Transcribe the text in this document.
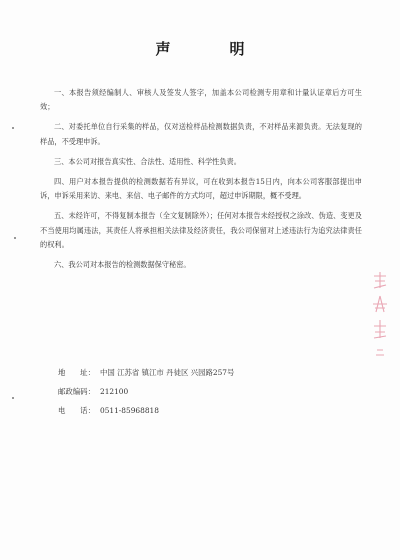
声　明

一、本报告须经编制人、审核人及签发人签字，加盖本公司检测专用章和计量认证章后方可生效；

二、对委托单位自行采集的样品，仅对送检样品检测数据负责，不对样品来源负责。无法复现的样品，不受理申诉。

三、本公司对报告真实性、合法性、适用性、科学性负责。

四、用户对本报告提供的检测数据若有异议，可在收到本报告15日内，向本公司客服部提出申诉，申诉采用来访、来电、来信、电子邮件的方式均可，超过申诉期限，概不受理。

五、未经许可，不得复制本报告（全文复制除外）；任何对本报告未经授权之涂改、伪造、变更及不当使用均属违法，其责任人将承担相关法律及经济责任，我公司保留对上述违法行为追究法律责任的权利。

六、我公司对本报告的检测数据保守秘密。

地　　址： 中国 江苏省 镇江市 丹徒区 兴园路257号
邮政编码： 212100
电　　话： 0511-85968818
